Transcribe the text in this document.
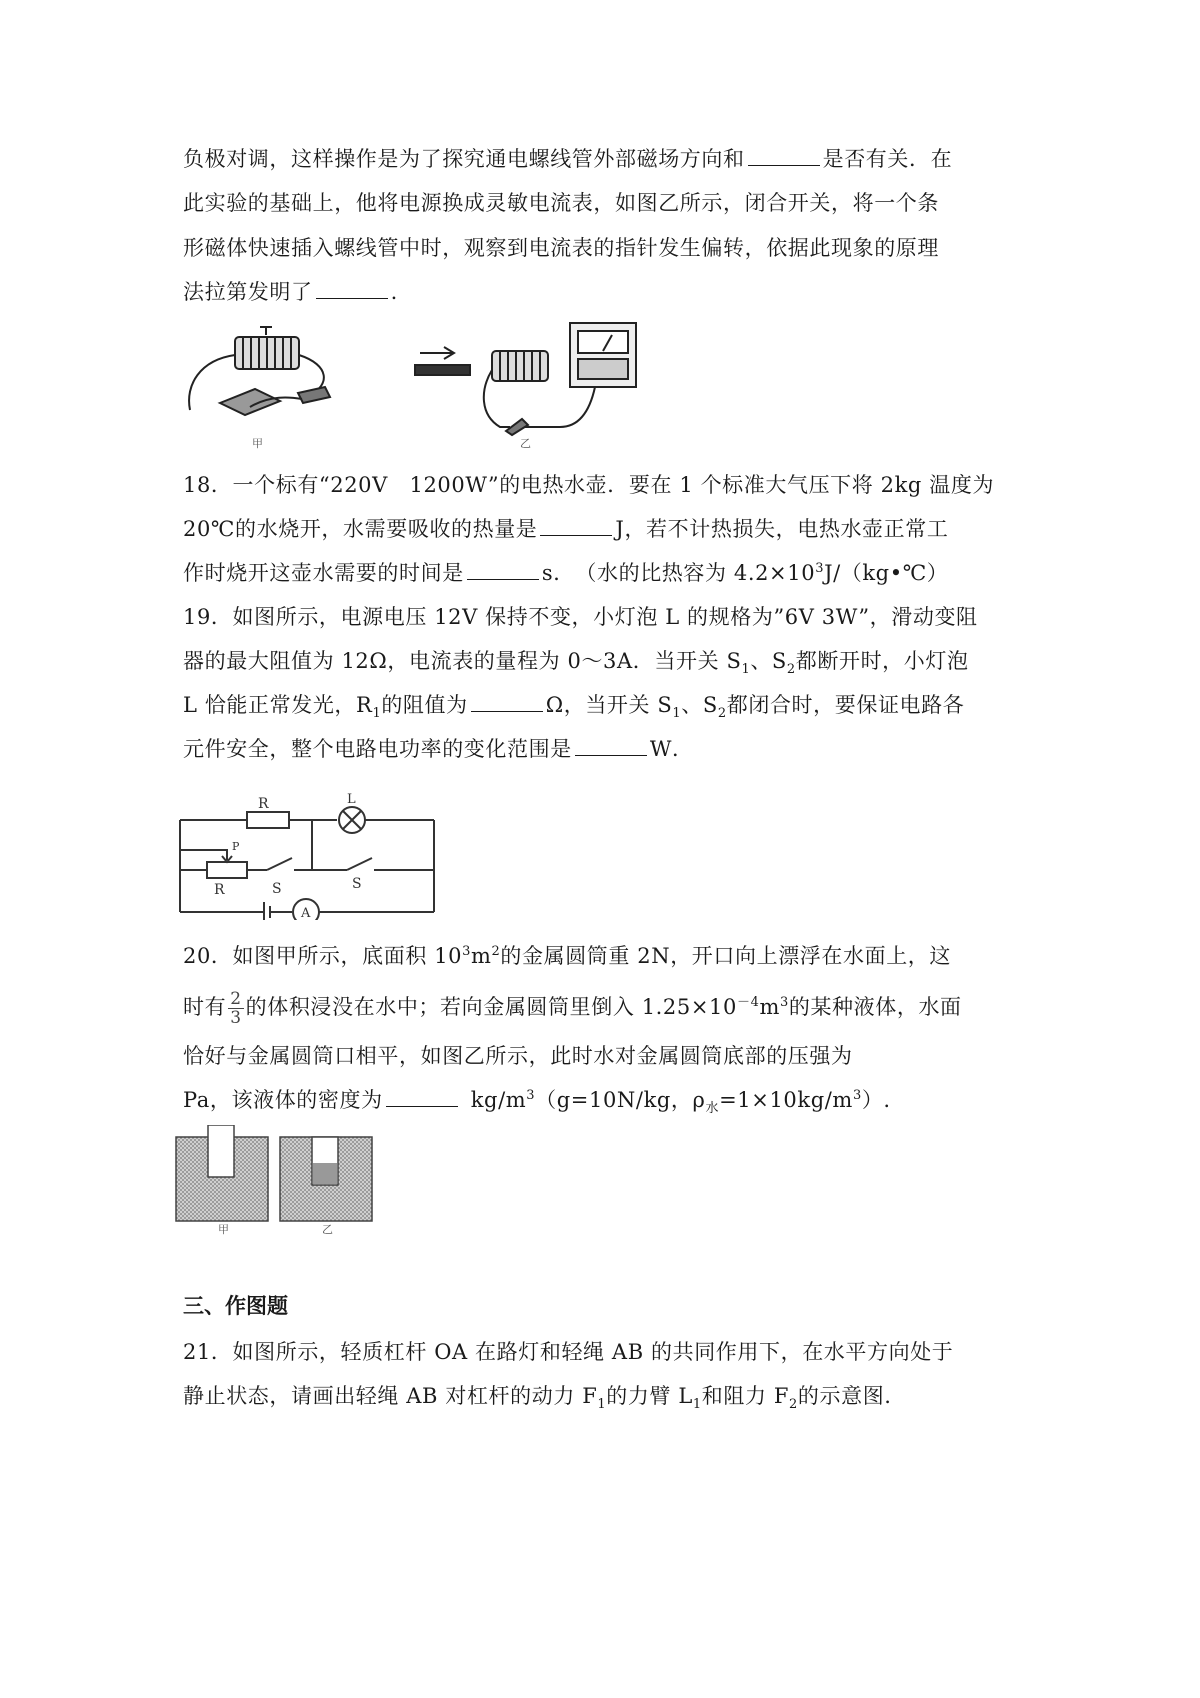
负极对调，这样操作是为了探究通电螺线管外部磁场方向和	是否有关．在
此实验的基础上，他将电源换成灵敏电流表，如图乙所示，闭合开关，将一个条
形磁体快速插入螺线管中时，观察到电流表的指针发生偏转，依据此现象的原理
法拉第发明了	.
甲	乙
18．一个标有“220V　1200W”的电热水壶．要在 1 个标准大气压下将 2kg 温度为
20℃的水烧开，水需要吸收的热量是	J，若不计热损失，电热水壶正常工
作时烧开这壶水需要的时间是	s．　（水的比热容为 $4.2\times 10^3J/(kg•℃)$
19．如图所示，电源电压 12V 保持不变，小灯泡 L 的规格为”6V 3W”，滑动变阻
器的最大阻值为 12Ω，电流表的量程为 0～3A．当开关 $S_1$、$S_2$都断开时，小灯泡
L 恰能正常发光，$R_1$的阻值为	Ω，当开关 $S_1$、$S_2$都闭合时，要保证电路各
元件安全，整个电路电功率的变化范围是	W．
R	L
P
R	S	S
A
20．如图甲所示，底面积 $10^3m^2$的金属圆筒重 2N，开口向上漂浮在水面上，这
时有 $\frac{2}{3}$ 的体积浸没在水中；若向金属圆筒里倒入 $1.25\times 10^{-4}m^3$的某种液体，水面
恰好与金属圆筒口相平，如图乙所示，此时水对金属圆筒底部的压强为
Pa，该液体的密度为	$kg/m^3(g=10N/kg$，$\rho_水=1\times 10kg/m^3$）.
甲	乙
三、作图题
21．如图所示，轻质杠杆 OA 在路灯和轻绳 AB 的共同作用下，在水平方向处于
静止状态，请画出轻绳 AB 对杠杆的动力 $F_1$的力臂 $L_1$和阻力 $F_2$的示意图.
